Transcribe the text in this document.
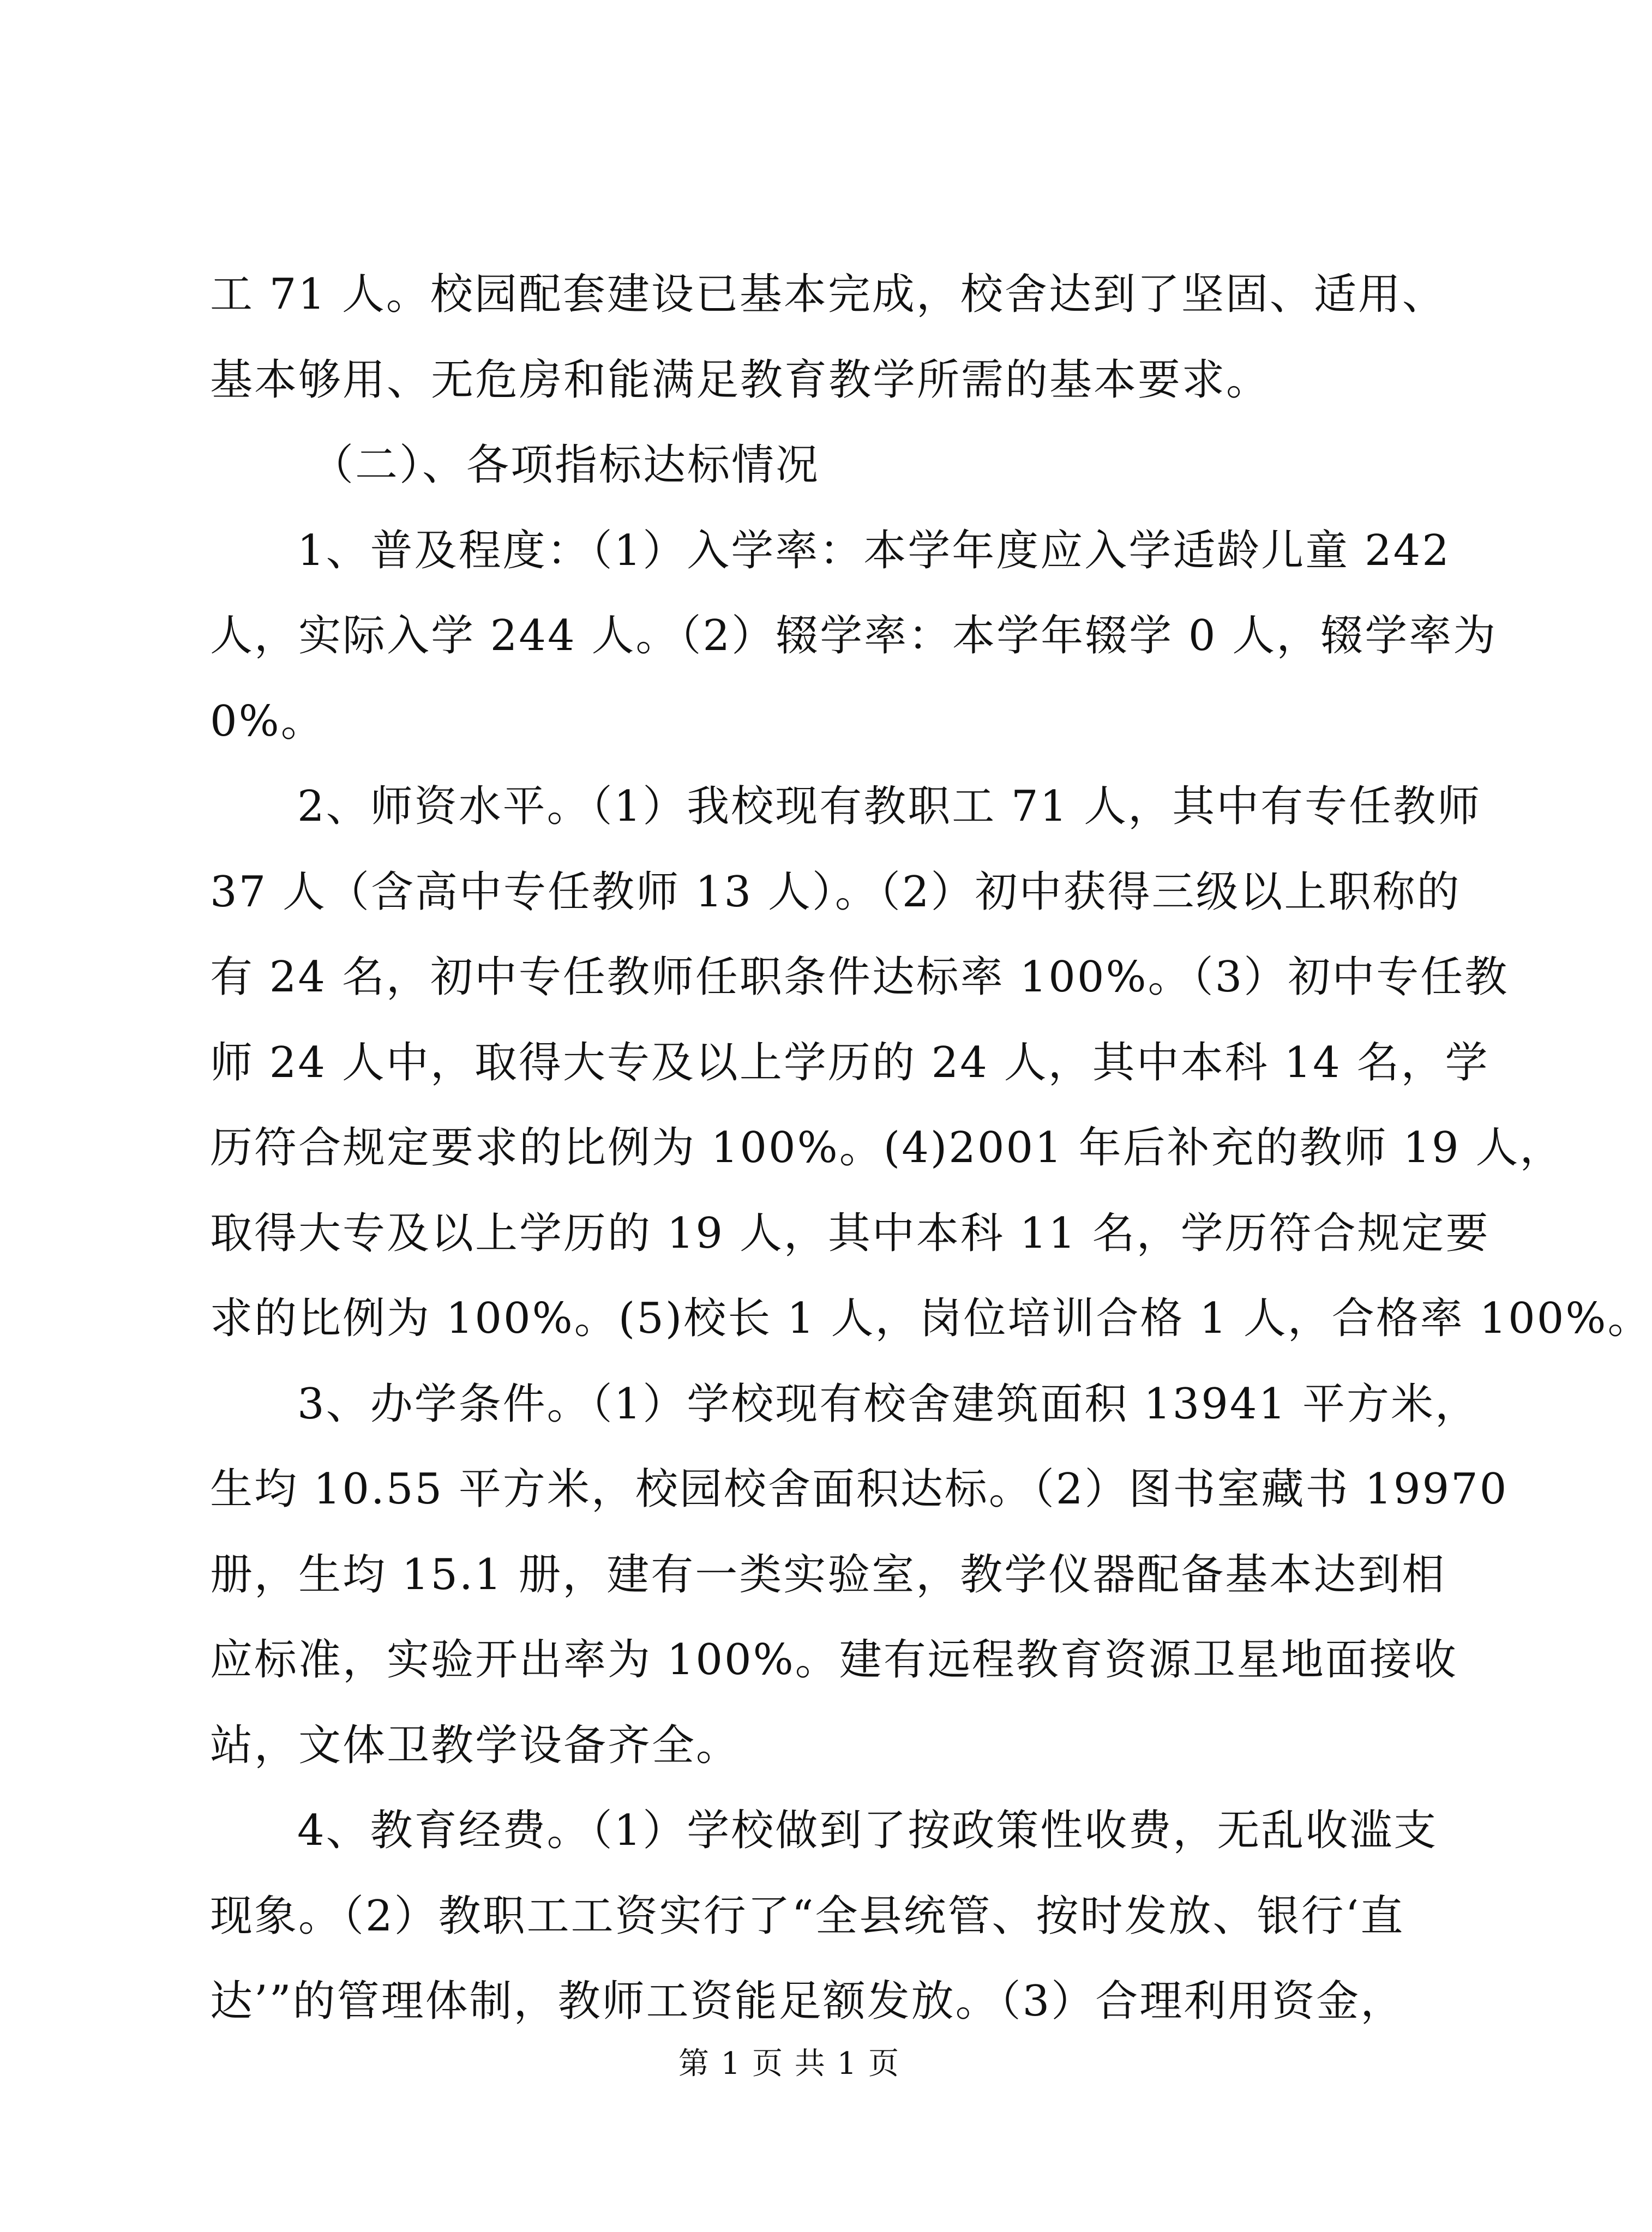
工 71 人。校园配套建设已基本完成，校舍达到了坚固、适用、
基本够用、无危房和能满足教育教学所需的基本要求。
（二）、各项指标达标情况
1、普及程度：（1）入学率：本学年度应入学适龄儿童 242
人，实际入学 244 人。（2）辍学率：本学年辍学 0 人，辍学率为
0%。
2、师资水平。（1）我校现有教职工 71 人，其中有专任教师
37 人（含高中专任教师 13 人）。（2）初中获得三级以上职称的
有 24 名，初中专任教师任职条件达标率 100%。（3）初中专任教
师 24 人中，取得大专及以上学历的 24 人，其中本科 14 名，学
历符合规定要求的比例为 100%。(4)2001 年后补充的教师 19 人，
取得大专及以上学历的 19 人，其中本科 11 名，学历符合规定要
求的比例为 100%。(5)校长 1 人，岗位培训合格 1 人，合格率 100%。
3、办学条件。（1）学校现有校舍建筑面积 13941 平方米，
生均 10.55 平方米，校园校舍面积达标。（2）图书室藏书 19970
册，生均 15.1 册，建有一类实验室，教学仪器配备基本达到相
应标准，实验开出率为 100%。建有远程教育资源卫星地面接收
站，文体卫教学设备齐全。
4、教育经费。（1）学校做到了按政策性收费，无乱收滥支
现象。（2）教职工工资实行了“全县统管、按时发放、银行‘直
达’”的管理体制，教师工资能足额发放。（3）合理利用资金，
第 1 页 共 1 页
